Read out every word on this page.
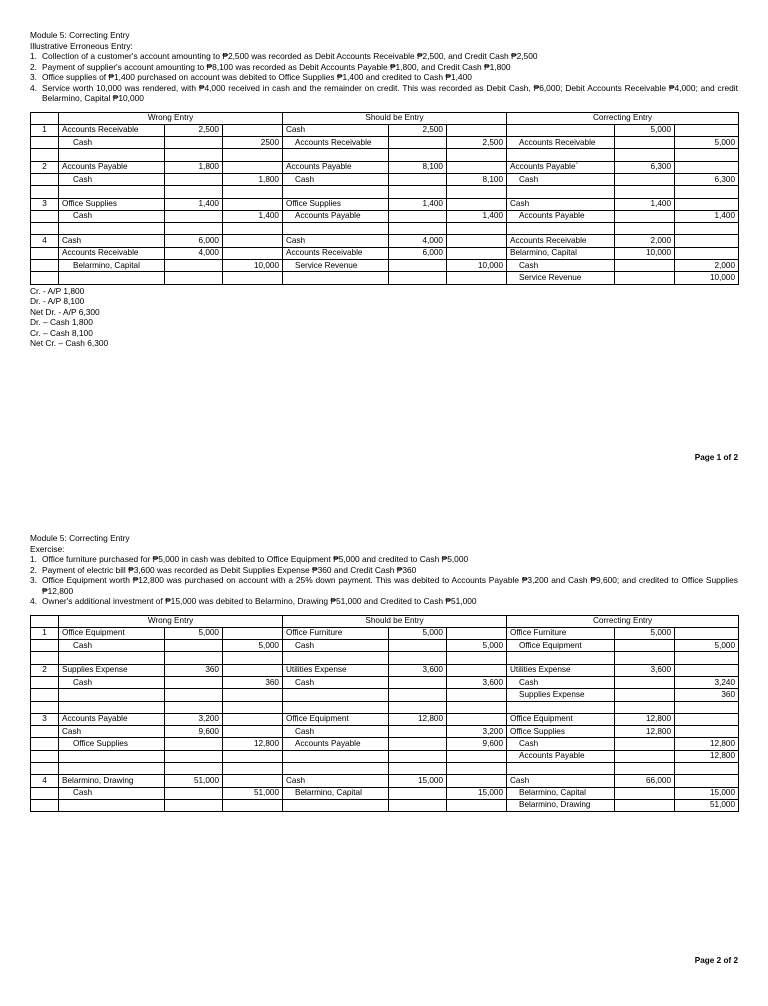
Module 5: Correcting Entry
Illustrative Erroneous Entry:
1. Collection of a customer's account amounting to ₱2,500 was recorded as Debit Accounts Receivable ₱2,500, and Credit Cash ₱2,500
2. Payment of supplier's account amounting to ₱8,100 was recorded as Debit Accounts Payable ₱1,800, and Credit Cash ₱1,800
3. Office supplies of ₱1,400 purchased on account was debited to Office Supplies ₱1,400 and credited to Cash ₱1,400
4. Service worth 10,000 was rendered, with ₱4,000 received in cash and the remainder on credit. This was recorded as Debit Cash, ₱6,000; Debit Accounts Receivable ₱4,000; and credit Belarmino, Capital ₱10,000
	Wrong Entry			Should be Entry			Correcting Entry		
1	Accounts Receivable	2,500		Cash	2,500			5,000	
	Cash		2500	Accounts Receivable		2,500	Accounts Receivable		5,000

2	Accounts Payable	1,800		Accounts Payable	8,100		Accounts Payable`	6,300	
	Cash		1,800	Cash		8,100	Cash		6,300

3	Office Supplies	1,400		Office Supplies	1,400		Cash	1,400	
	Cash		1,400	Accounts Payable		1,400	Accounts Payable		1,400

4	Cash	6,000		Cash	4,000		Accounts Receivable	2,000	
	Accounts Receivable	4,000		Accounts Receivable	6,000		Belarmino, Capital	10,000	
	Belarmino, Capital		10,000	Service Revenue		10,000	Cash		2,000
							Service Revenue		10,000
Cr. - A/P 1,800
Dr. - A/P 8,100
Net Dr. - A/P 6,300
Dr. – Cash 1,800
Cr. – Cash 8,100
Net Cr. – Cash 6,300
Page 1 of 2
Module 5: Correcting Entry
Exercise:
1. Office furniture purchased for ₱5,000 in cash was debited to Office Equipment ₱5,000 and credited to Cash ₱5,000
2. Payment of electric bill ₱3,600 was recorded as Debit Supplies Expense ₱360 and Credit Cash ₱360
3. Office Equipment worth ₱12,800 was purchased on account with a 25% down payment. This was debited to Accounts Payable ₱3,200 and Cash ₱9,600; and credited to Office Supplies ₱12,800
4. Owner's additional investment of ₱15,000 was debited to Belarmino, Drawing ₱51,000 and Credited to Cash ₱51,000
	Wrong Entry			Should be Entry			Correcting Entry		
1	Office Equipment	5,000		Office Furniture	5,000		Office Furniture	5,000	
	Cash		5,000	Cash		5,000	Office Equipment		5,000

2	Supplies Expense	360		Utilities Expense	3,600		Utilities Expense	3,600	
	Cash		360	Cash		3,600	Cash		3,240
							Supplies Expense		360

3	Accounts Payable	3,200		Office Equipment	12,800		Office Equipment	12,800	
	Cash	9,600		Cash		3,200	Office Supplies	12,800	
	Office Supplies		12,800	Accounts Payable		9,600	Cash		12,800
							Accounts Payable		12,800

4	Belarmino, Drawing	51,000		Cash	15,000		Cash	66,000	
	Cash		51,000	Belarmino, Capital		15,000	Belarmino, Capital		15,000
							Belarmino, Drawing		51,000
Page 2 of 2
